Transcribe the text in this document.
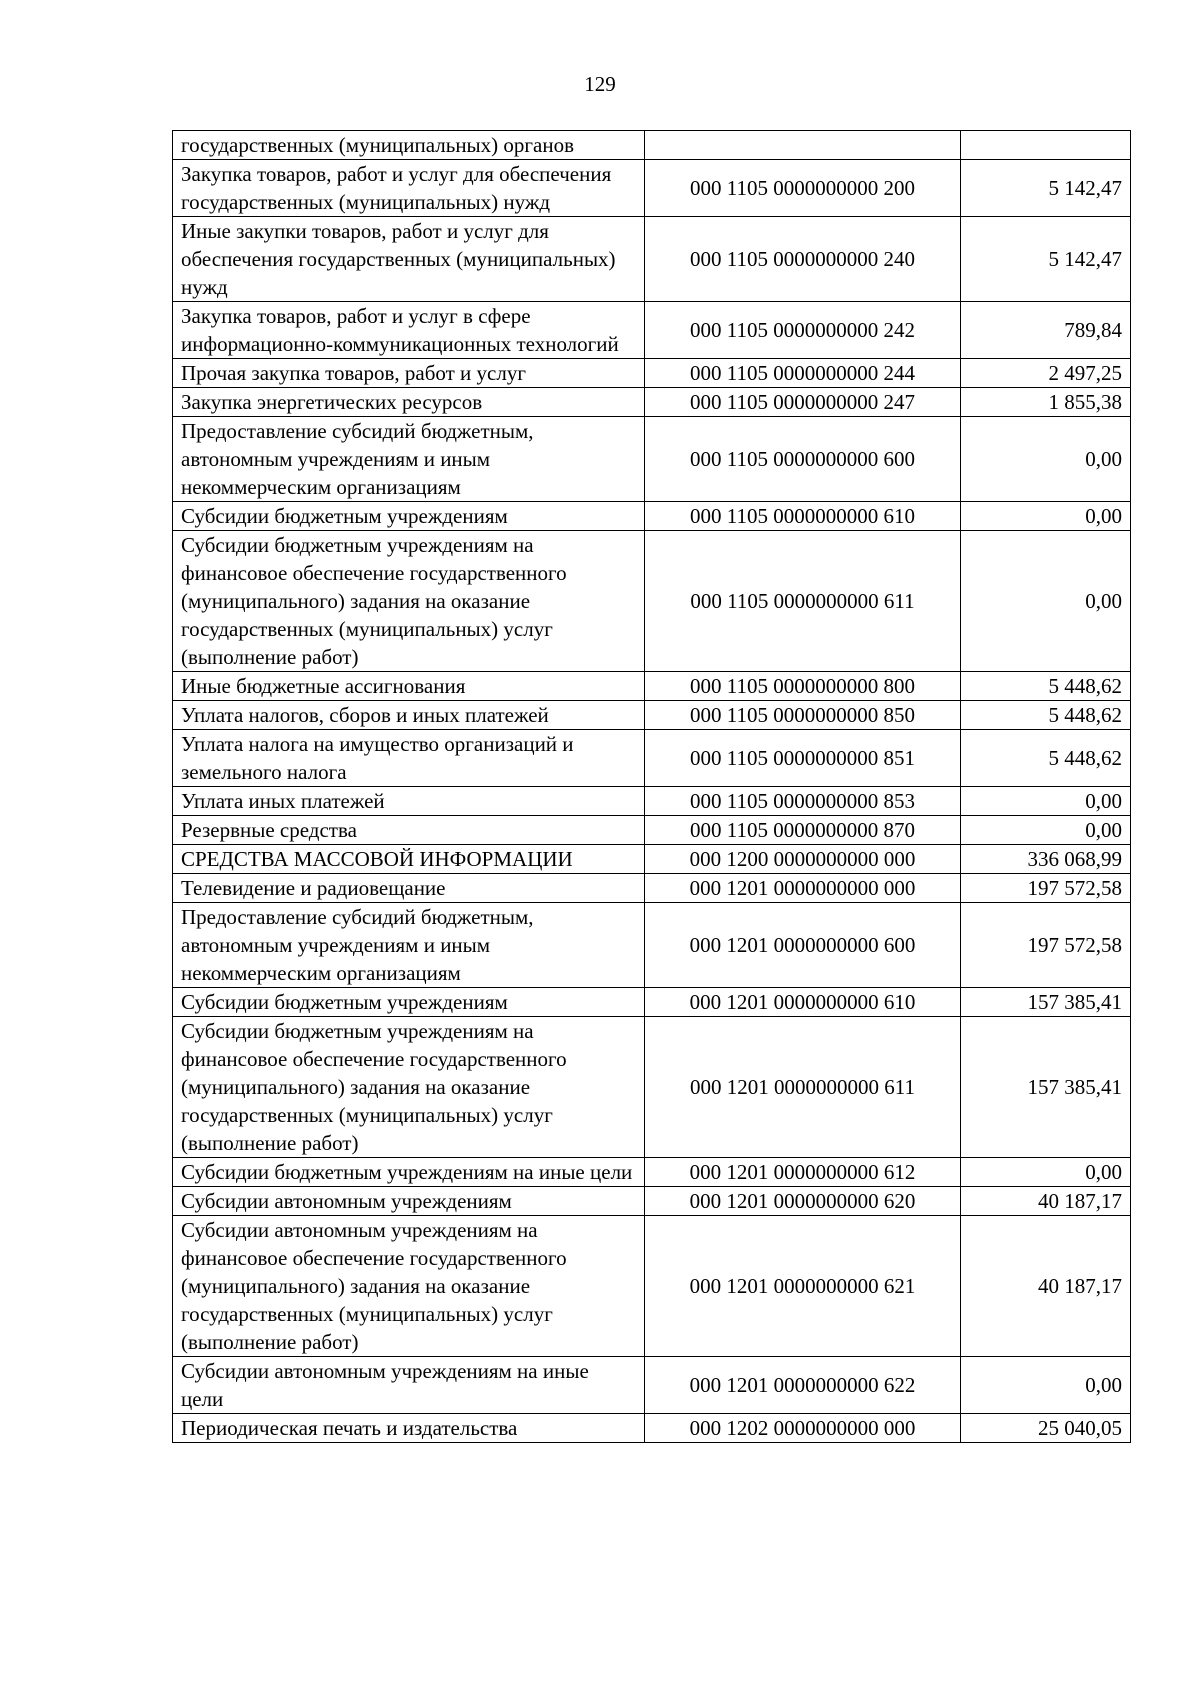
129
государственных (муниципальных) органов		
Закупка товаров, работ и услуг для обеспечения государственных (муниципальных) нужд	000 1105 0000000000 200	5 142,47
Иные закупки товаров, работ и услуг для обеспечения государственных (муниципальных) нужд	000 1105 0000000000 240	5 142,47
Закупка товаров, работ и услуг в сфере информационно-коммуникационных технологий	000 1105 0000000000 242	789,84
Прочая закупка товаров, работ и услуг	000 1105 0000000000 244	2 497,25
Закупка энергетических ресурсов	000 1105 0000000000 247	1 855,38
Предоставление субсидий бюджетным, автономным учреждениям и иным некоммерческим организациям	000 1105 0000000000 600	0,00
Субсидии бюджетным учреждениям	000 1105 0000000000 610	0,00
Субсидии бюджетным учреждениям на финансовое обеспечение государственного (муниципального) задания на оказание государственных (муниципальных) услуг (выполнение работ)	000 1105 0000000000 611	0,00
Иные бюджетные ассигнования	000 1105 0000000000 800	5 448,62
Уплата налогов, сборов и иных платежей	000 1105 0000000000 850	5 448,62
Уплата налога на имущество организаций и земельного налога	000 1105 0000000000 851	5 448,62
Уплата иных платежей	000 1105 0000000000 853	0,00
Резервные средства	000 1105 0000000000 870	0,00
СРЕДСТВА МАССОВОЙ ИНФОРМАЦИИ	000 1200 0000000000 000	336 068,99
Телевидение и радиовещание	000 1201 0000000000 000	197 572,58
Предоставление субсидий бюджетным, автономным учреждениям и иным некоммерческим организациям	000 1201 0000000000 600	197 572,58
Субсидии бюджетным учреждениям	000 1201 0000000000 610	157 385,41
Субсидии бюджетным учреждениям на финансовое обеспечение государственного (муниципального) задания на оказание государственных (муниципальных) услуг (выполнение работ)	000 1201 0000000000 611	157 385,41
Субсидии бюджетным учреждениям на иные цели	000 1201 0000000000 612	0,00
Субсидии автономным учреждениям	000 1201 0000000000 620	40 187,17
Субсидии автономным учреждениям на финансовое обеспечение государственного (муниципального) задания на оказание государственных (муниципальных) услуг (выполнение работ)	000 1201 0000000000 621	40 187,17
Субсидии автономным учреждениям на иные цели	000 1201 0000000000 622	0,00
Периодическая печать и издательства	000 1202 0000000000 000	25 040,05
